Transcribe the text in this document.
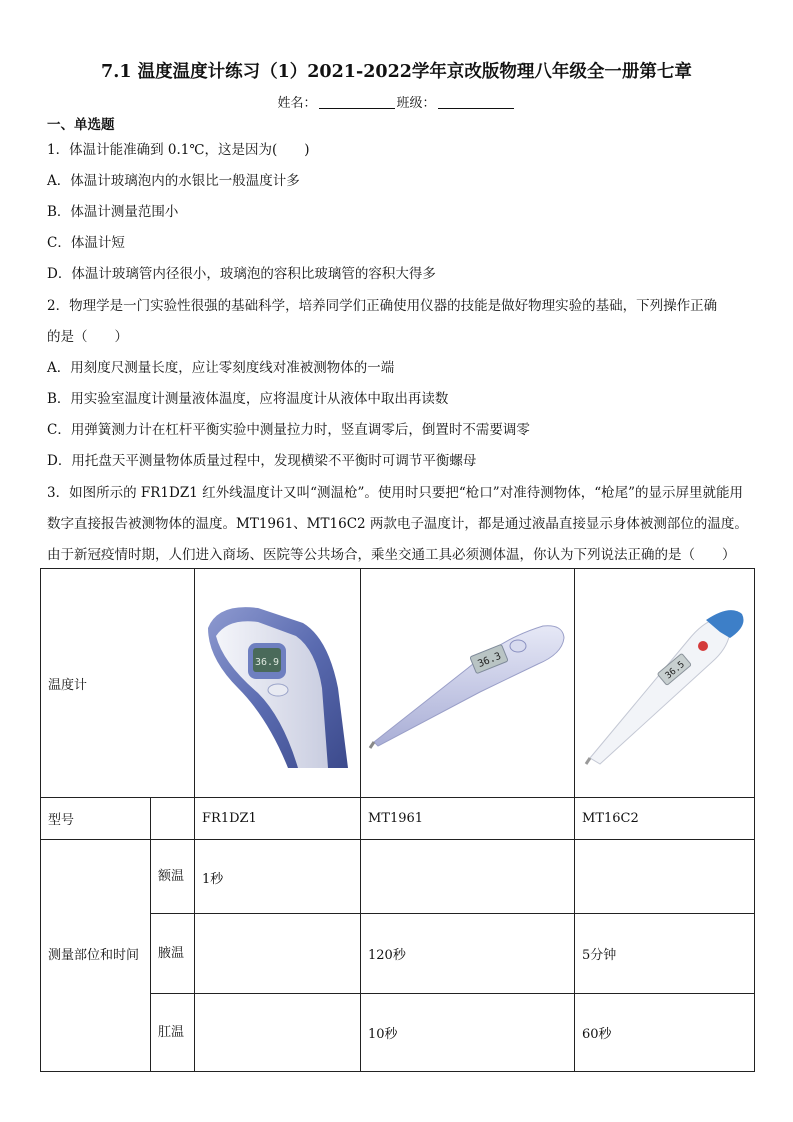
7.1 温度温度计练习（1）2021-2022学年京改版物理八年级全一册第七章
姓名：	班级：
一、单选题
1．体温计能准确到 0.1℃，这是因为(　　)
A．体温计玻璃泡内的水银比一般温度计多
B．体温计测量范围小
C．体温计短
D．体温计玻璃管内径很小，玻璃泡的容积比玻璃管的容积大得多
2．物理学是一门实验性很强的基础科学，培养同学们正确使用仪器的技能是做好物理实验的基础，下列操作正确
的是（　　）
A．用刻度尺测量长度，应让零刻度线对准被测物体的一端
B．用实验室温度计测量液体温度，应将温度计从液体中取出再读数
C．用弹簧测力计在杠杆平衡实验中测量拉力时，竖直调零后，倒置时不需要调零
D．用托盘天平测量物体质量过程中，发现横梁不平衡时可调节平衡螺母
3．如图所示的 FR1DZ1 红外线温度计又叫“测温枪”。使用时只要把“枪口”对准待测物体，“枪尾”的显示屏里就能用
数字直接报告被测物体的温度。MT1961、MT16C2 两款电子温度计，都是通过液晶直接显示身体被测部位的温度。
由于新冠疫情时期，人们进入商场、医院等公共场合，乘坐交通工具必须测体温，你认为下列说法正确的是（　　）
温度计		36.9	36.3	36.5

型号		FR1DZ1	MT1961	MT16C2
测量部位和时间	额温	1秒		
	腋温		120秒	5分钟
	肛温		10秒	60秒
